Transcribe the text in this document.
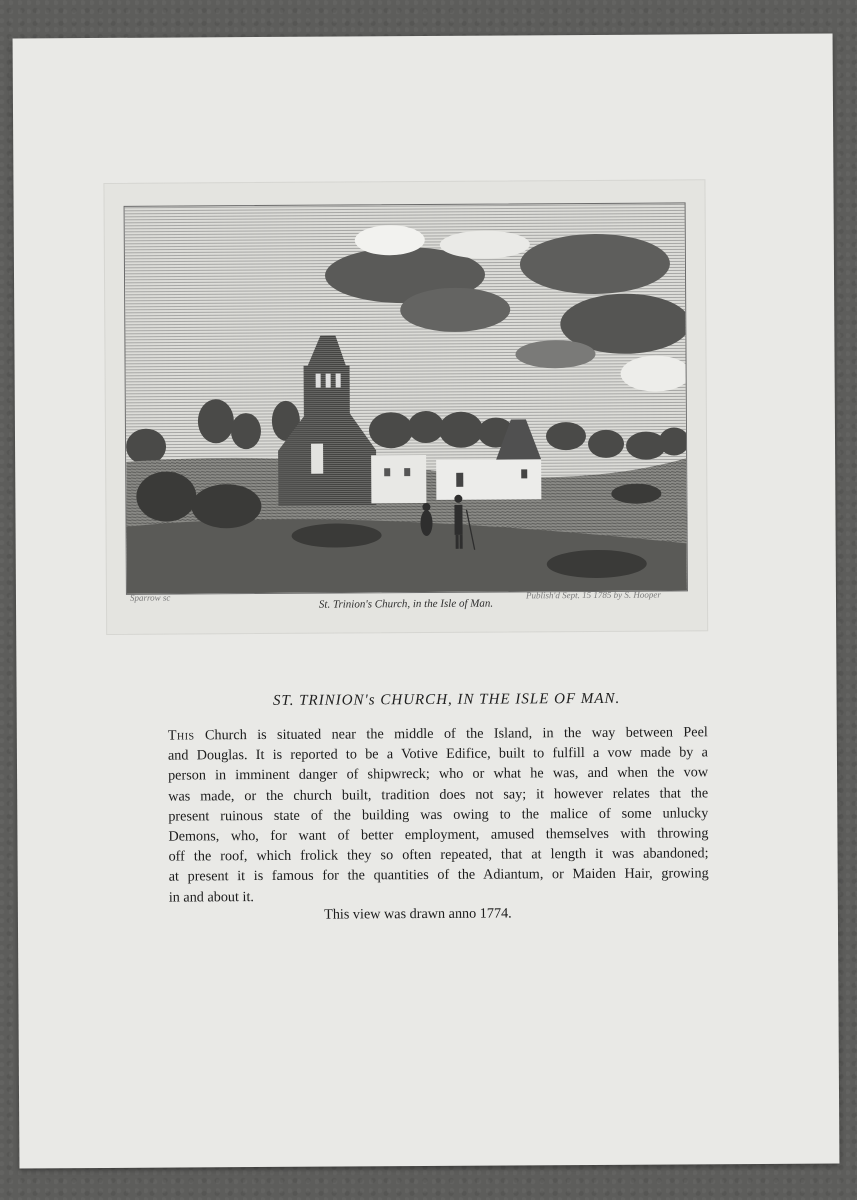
Sparrow sc	Publish'd Sept. 15 1785 by S. Hooper
St. Trinion's Church, in the Isle of Man.
ST. TRINION's CHURCH, IN THE ISLE OF MAN.
This Church is situated near the middle of the Island, in the way between Peel
and Douglas. It is reported to be a Votive Edifice, built to fulfill a vow made by a
person in imminent danger of shipwreck; who or what he was, and when the vow
was made, or the church built, tradition does not say; it however relates that the
present ruinous state of the building was owing to the malice of some unlucky
Demons, who, for want of better employment, amused themselves with throwing
off the roof, which frolick they so often repeated, that at length it was abandoned;
at present it is famous for the quantities of the Adiantum, or Maiden Hair, growing
in and about it.
This view was drawn anno 1774.
